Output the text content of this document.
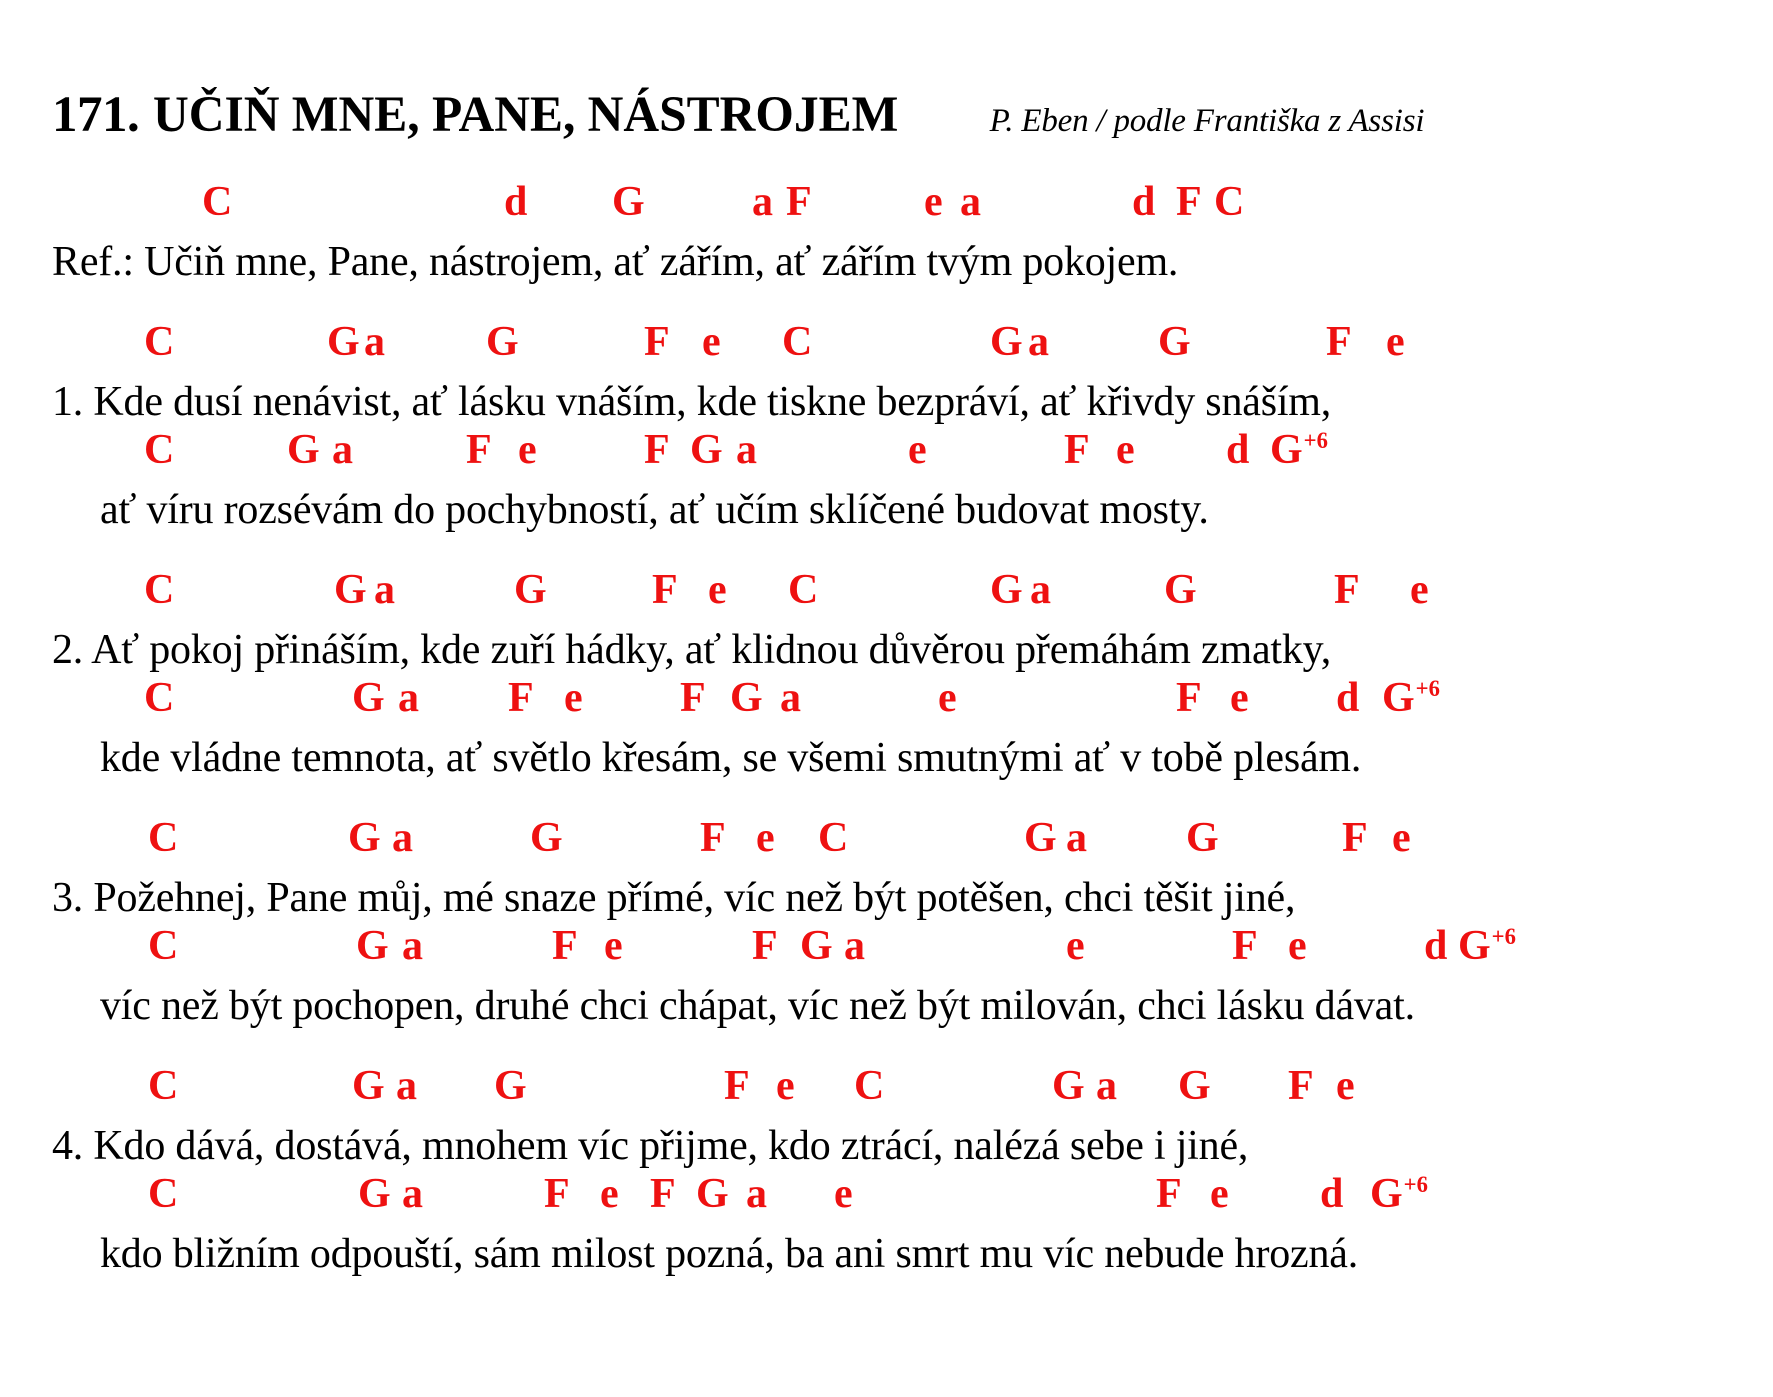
171. UČIŇ MNE, PANE, NÁSTROJEM	P. Eben / podle Františka z Assisi
C	d G	a F	e a	d F C
Ref.: Učiň mne, Pane, nástrojem, ať zářím, ať zářím tvým pokojem.
C	G a G	F e C	G a	G	F e
1. Kde dusí nenávist, ať lásku vnáším, kde tiskne bezpráví, ať křivdy snáším,
C	G a	F e	F G a	e	F e d $G^{+6}$
ať víru rozsévám do pochybností, ať učím sklíčené budovat mosty.
C	G a	G F e C	G a	G	F e
2. Ať pokoj přináším, kde zuří hádky, ať klidnou důvěrou přemáhám zmatky,
C	G a F e F G a	e	F e d $G^{+6}$
kde vládne temnota, ať světlo křesám, se všemi smutnými ať v tobě plesám.
C	G a	G	F e C	G a G	F e
3. Požehnej, Pane můj, mé snaze přímé, víc než být potěšen, chci těšit jiné,
C	G a	F e	F G a	e	F e	d $G^{+6}$
víc než být pochopen, druhé chci chápat, víc než být milován, chci lásku dávat.
C	G a G	F e C	G a G F e
4. Kdo dává, dostává, mnohem víc přijme, kdo ztrácí, nalézá sebe i jiné,
C	G a	F e F G a e	F e d $G^{+6}$
kdo bližním odpouští, sám milost pozná, ba ani smrt mu víc nebude hrozná.
